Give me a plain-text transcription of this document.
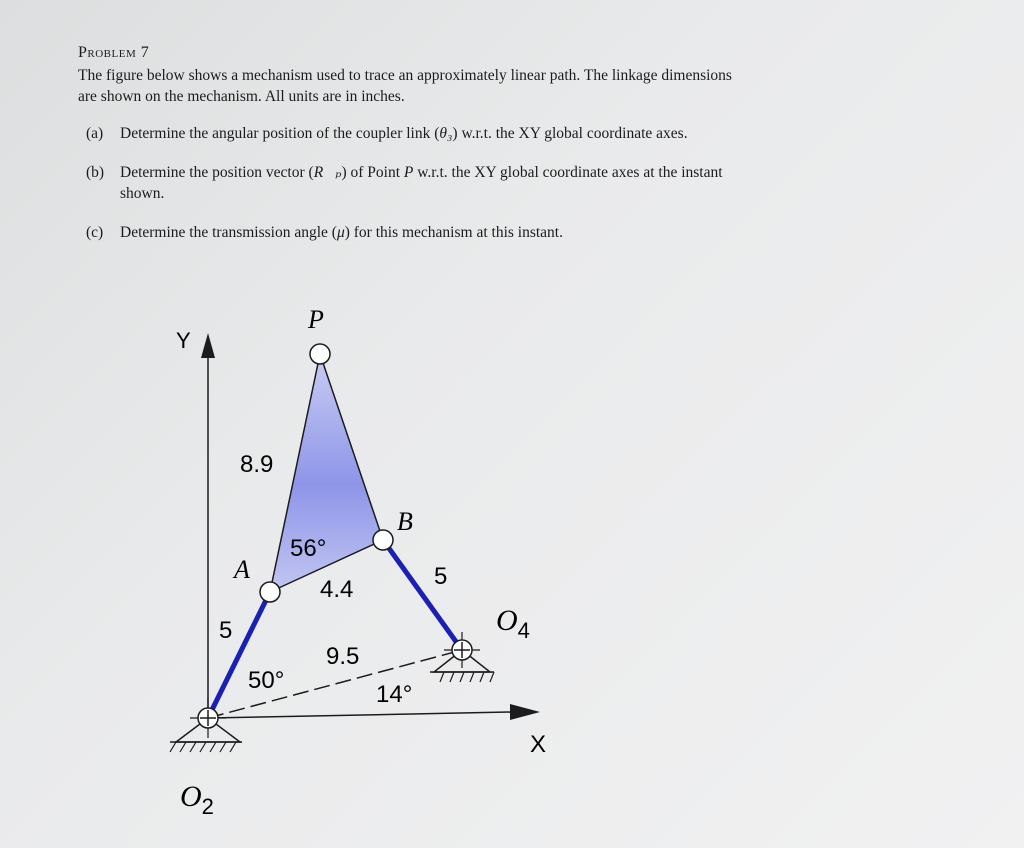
Problem 7
The figure below shows a mechanism used to trace an approximately linear path. The linkage dimensions
are shown on the mechanism. All units are in inches.
(a) Determine the angular position of the coupler link (θ₃) w.r.t. the XY global coordinate axes.
(b) Determine the position vector (R⃗ₚ) of Point P w.r.t. the XY global coordinate axes at the instant
shown.
(c) Determine the transmission angle (μ) for this mechanism at this instant.
Y
X
P
A
B
$O_2$
$O_4$
8.9
4.4
5
5
9.5
56°
50°
14°
